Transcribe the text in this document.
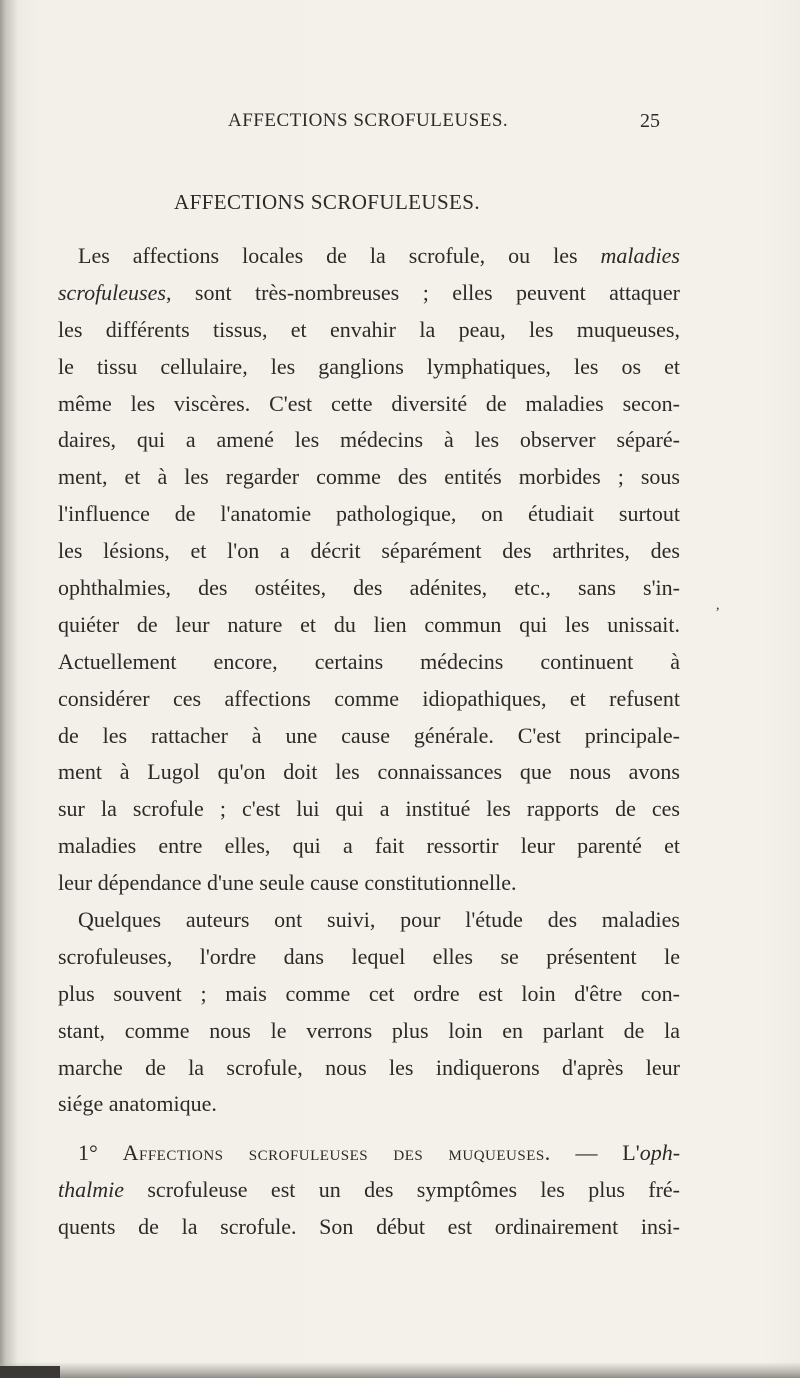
AFFECTIONS SCROFULEUSES.	25
AFFECTIONS SCROFULEUSES.
Les affections locales de la scrofule, ou les maladies
scrofuleuses, sont très-nombreuses ; elles peuvent attaquer
les différents tissus, et envahir la peau, les muqueuses,
le tissu cellulaire, les ganglions lymphatiques, les os et
même les viscères. C'est cette diversité de maladies secon-
daires, qui a amené les médecins à les observer séparé-
ment, et à les regarder comme des entités morbides ; sous
l'influence de l'anatomie pathologique, on étudiait surtout
les lésions, et l'on a décrit séparément des arthrites, des
ophthalmies, des ostéites, des adénites, etc., sans s'in-
quiéter de leur nature et du lien commun qui les unissait.
Actuellement encore, certains médecins continuent à
considérer ces affections comme idiopathiques, et refusent
de les rattacher à une cause générale. C'est principale-
ment à Lugol qu'on doit les connaissances que nous avons
sur la scrofule ; c'est lui qui a institué les rapports de ces
maladies entre elles, qui a fait ressortir leur parenté et
leur dépendance d'une seule cause constitutionnelle.
Quelques auteurs ont suivi, pour l'étude des maladies
scrofuleuses, l'ordre dans lequel elles se présentent le
plus souvent ; mais comme cet ordre est loin d'être con-
stant, comme nous le verrons plus loin en parlant de la
marche de la scrofule, nous les indiquerons d'après leur
siége anatomique.
1° Affections scrofuleuses des muqueuses. — L'oph-
thalmie scrofuleuse est un des symptômes les plus fré-
quents de la scrofule. Son début est ordinairement insi-
,
